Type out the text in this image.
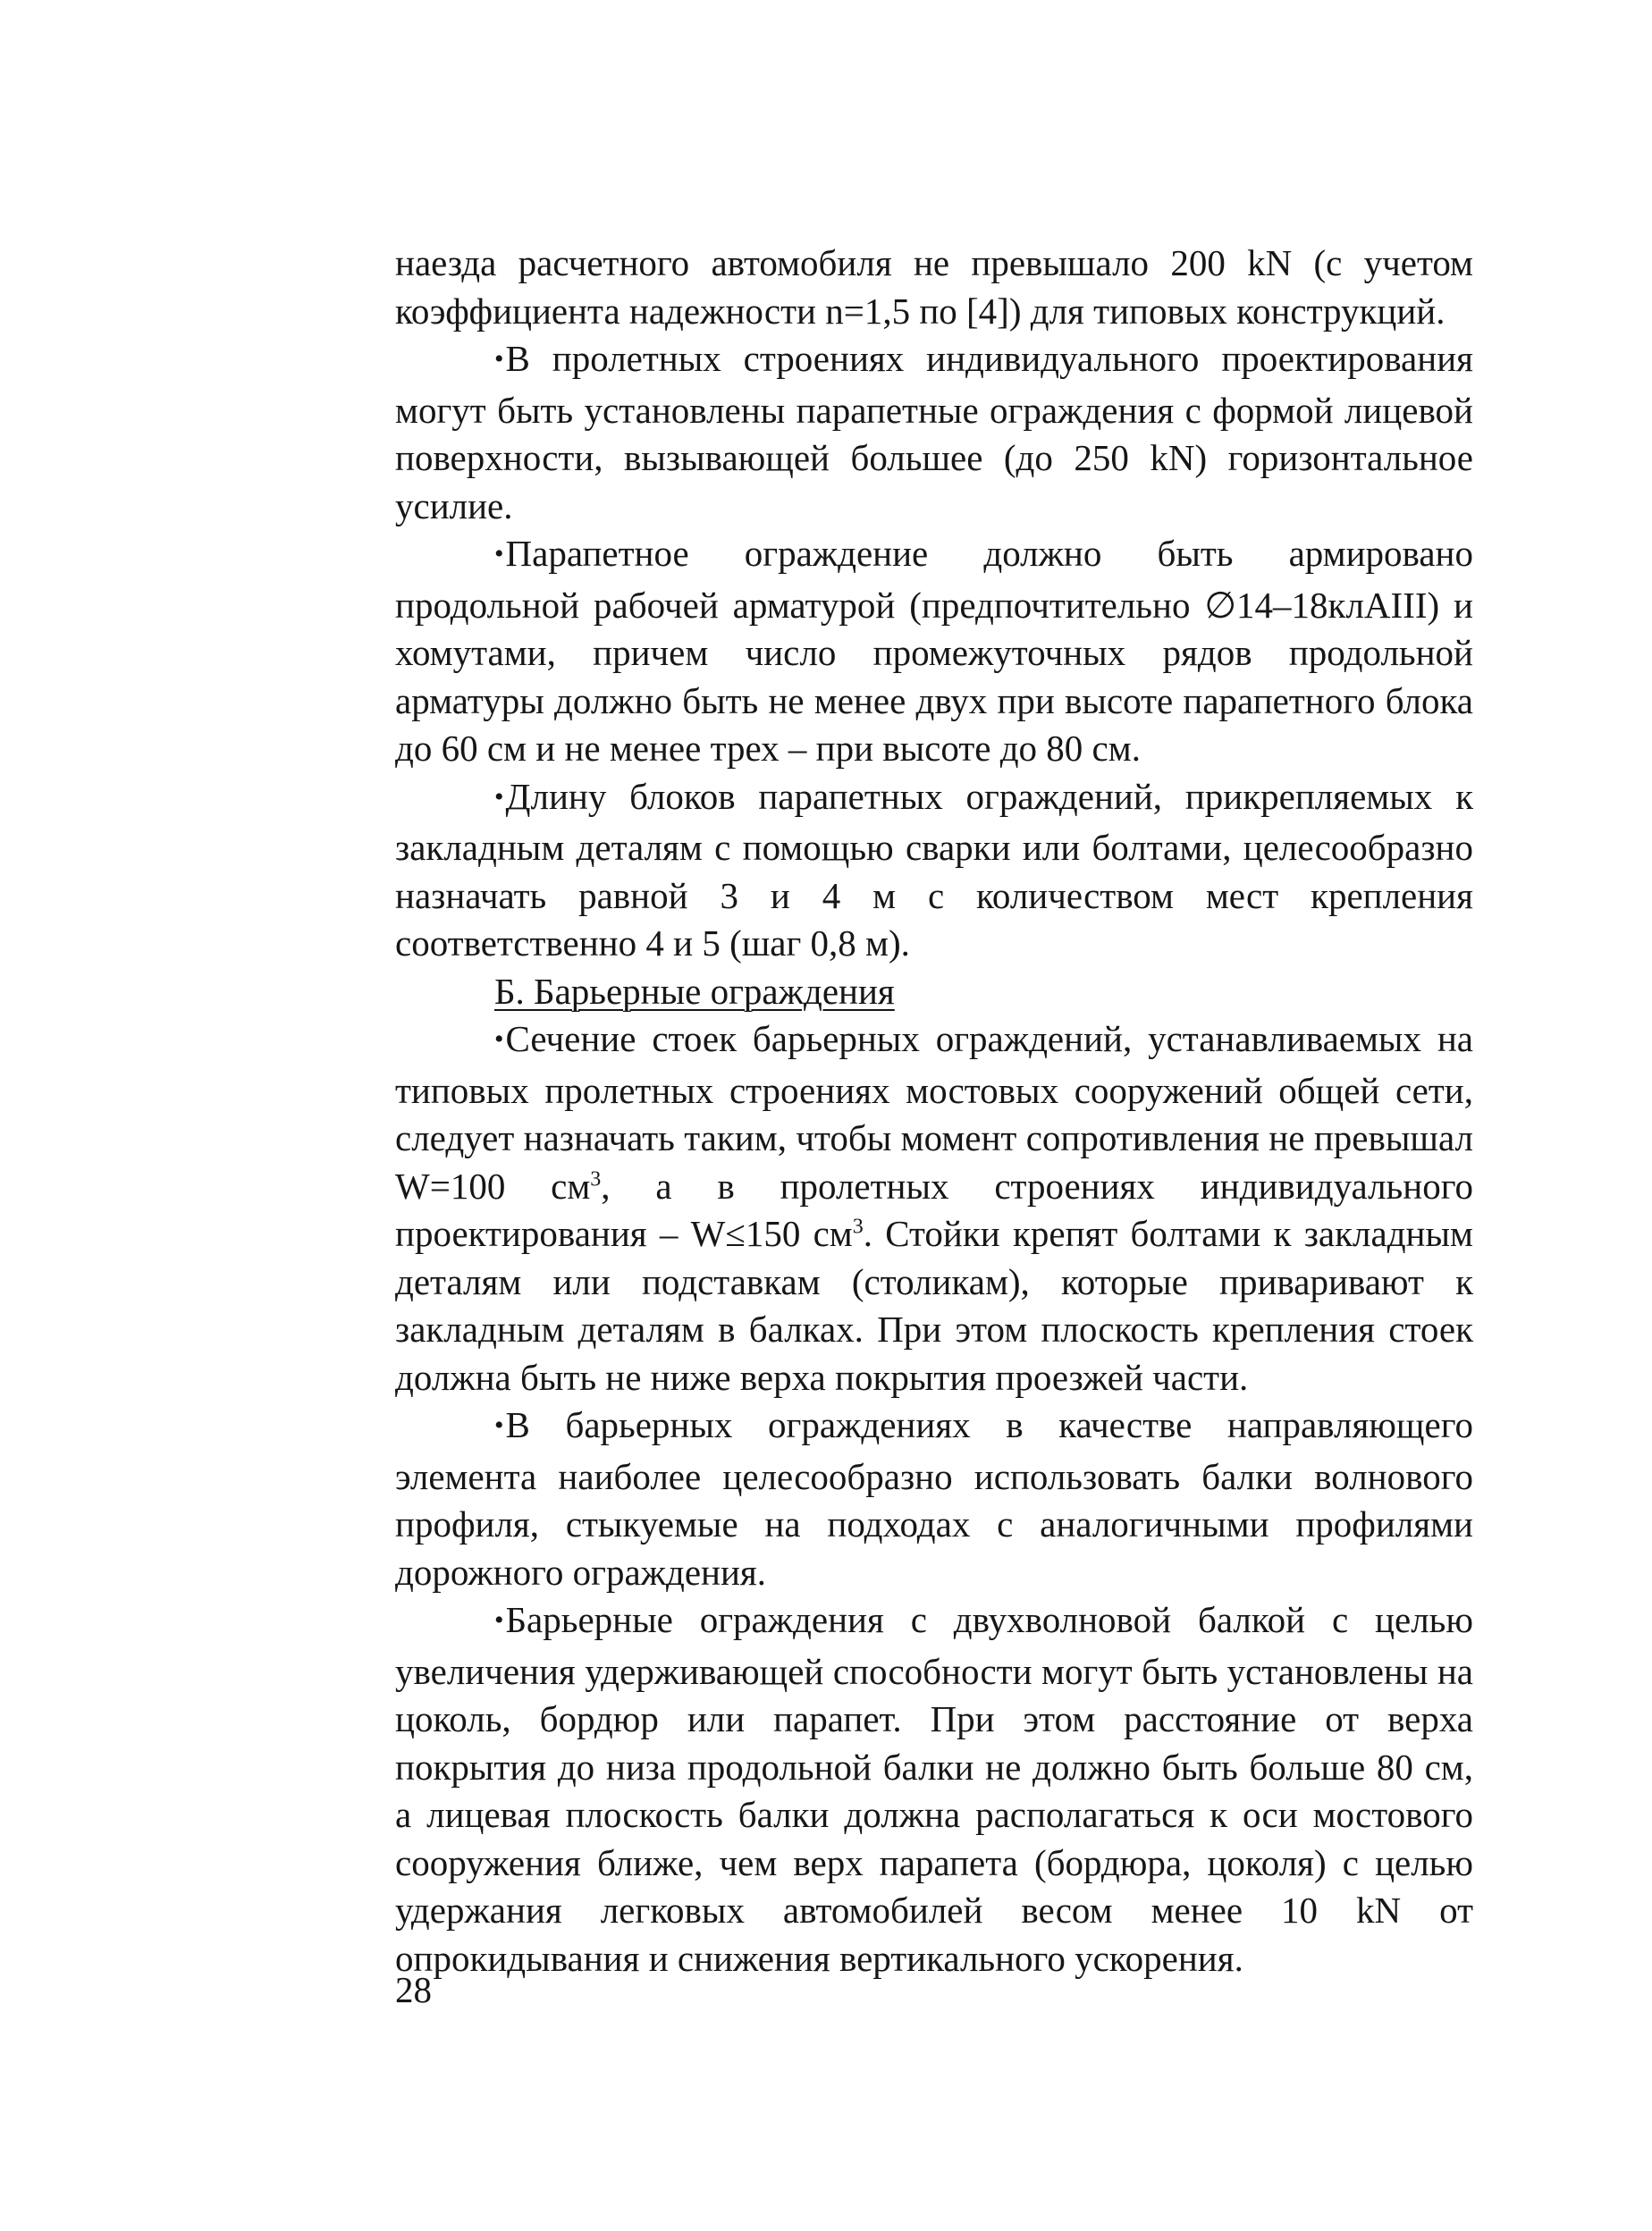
наезда расчетного автомобиля не превышало 200 kN (с учетом коэффициента надежности n=1,5 по [4]) для типовых конструкций.

•В пролетных строениях индивидуального проектирования могут быть установлены парапетные ограждения с формой лицевой поверхности, вызывающей большее (до 250 kN) горизонтальное усилие.

•Парапетное ограждение должно быть армировано продольной рабочей арматурой (предпочтительно ∅14–18клАIII) и хомутами, причем число промежуточных рядов продольной арматуры должно быть не менее двух при высоте парапетного блока до 60 см и не менее трех – при высоте до 80 см.

•Длину блоков парапетных ограждений, прикрепляемых к закладным деталям с помощью сварки или болтами, целесообразно назначать равной 3 и 4 м с количеством мест крепления соответственно 4 и 5 (шаг 0,8 м).

Б. Барьерные ограждения

•Сечение стоек барьерных ограждений, устанавливаемых на типовых пролетных строениях мостовых сооружений общей сети, следует назначать таким, чтобы момент сопротивления не превышал W=100 $см^3$, а в пролетных строениях индивидуального проектирования – W≤150 $см^3$. Стойки крепят болтами к закладным деталям или подставкам (столикам), которые приваривают к закладным деталям в балках. При этом плоскость крепления стоек должна быть не ниже верха покрытия проезжей части.

•В барьерных ограждениях в качестве направляющего элемента наиболее целесообразно использовать балки волнового профиля, стыкуемые на подходах с аналогичными профилями дорожного ограждения.

•Барьерные ограждения с двухволновой балкой с целью увеличения удерживающей способности могут быть установлены на цоколь, бордюр или парапет. При этом расстояние от верха покрытия до низа продольной балки не должно быть больше 80 см, а лицевая плоскость балки должна располагаться к оси мостового сооружения ближе, чем верх парапета (бордюра, цоколя) с целью удержания легковых автомобилей весом менее 10 kN от опрокидывания и снижения вертикального ускорения.

28
